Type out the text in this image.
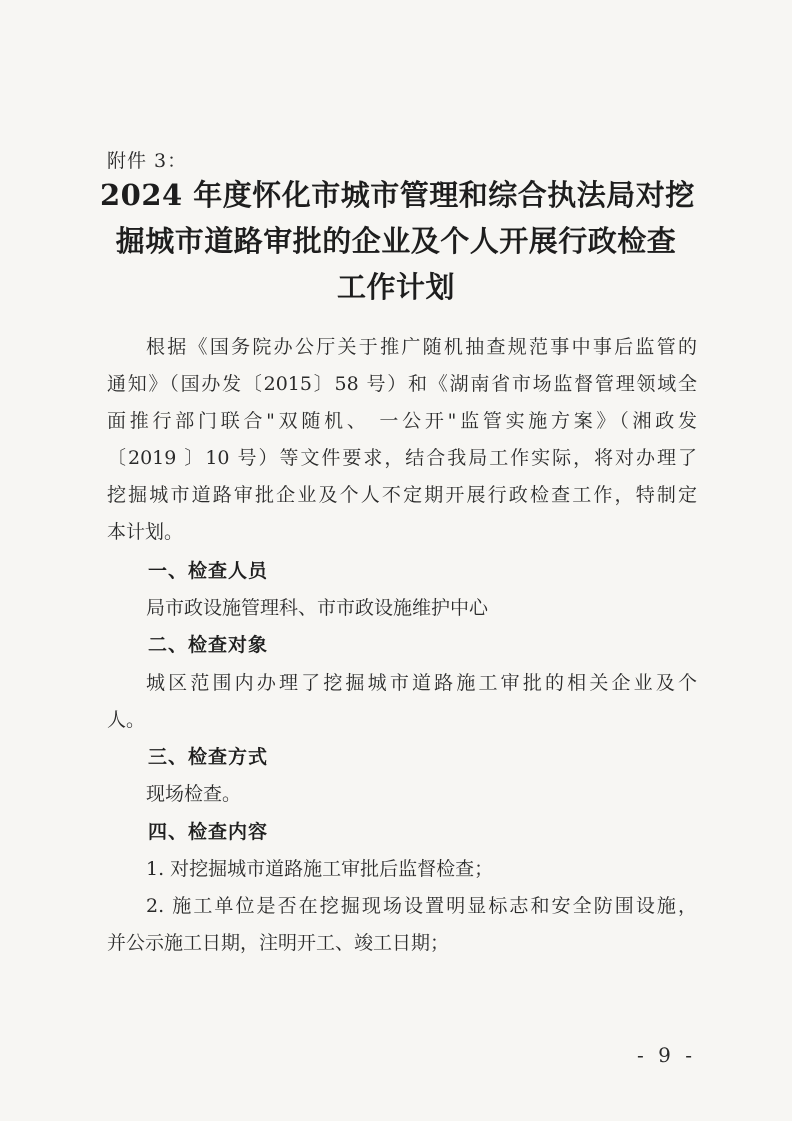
附件 3：
2024 年度怀化市城市管理和综合执法局对挖
掘城市道路审批的企业及个人开展行政检查
工作计划
根据《国务院办公厅关于推广随机抽查规范事中事后监管的
通知》（国办发〔2015〕58 号）和《湖南省市场监督管理领域全
面推行部门联合"双随机、 一公开"监管实施方案》（湘政发
〔2019 〕10 号）等文件要求，结合我局工作实际，将对办理了
挖掘城市道路审批企业及个人不定期开展行政检查工作，特制定
本计划。
一、检查人员
局市政设施管理科、市市政设施维护中心
二、检查对象
城区范围内办理了挖掘城市道路施工审批的相关企业及个
人。
三、检查方式
现场检查。
四、检查内容
1. 对挖掘城市道路施工审批后监督检查；
2. 施工单位是否在挖掘现场设置明显标志和安全防围设施，
并公示施工日期，注明开工、竣工日期；
- 9 -
